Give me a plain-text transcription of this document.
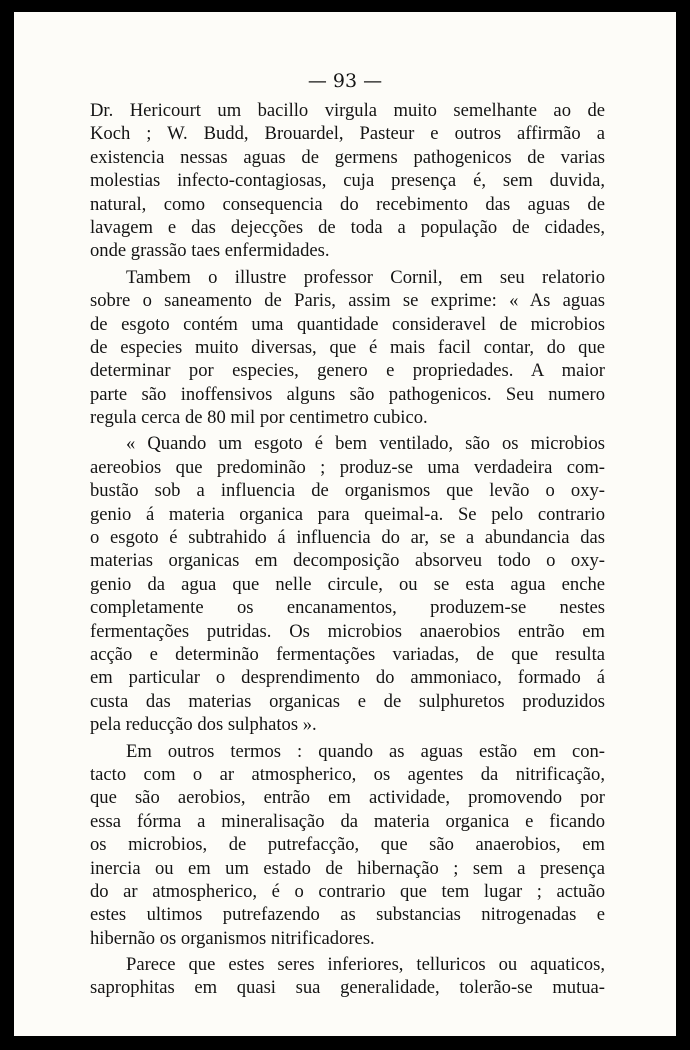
— 93 —
Dr. Hericourt um bacillo virgula muito semelhante ao de
Koch ; W. Budd, Brouardel, Pasteur e outros affirmão a
existencia nessas aguas de germens pathogenicos de varias
molestias infecto-contagiosas, cuja presença é, sem duvida,
natural, como consequencia do recebimento das aguas de
lavagem e das dejecções de toda a população de cidades,
onde grassão taes enfermidades.
Tambem o illustre professor Cornil, em seu relatorio
sobre o saneamento de Paris, assim se exprime: « As aguas
de esgoto contém uma quantidade consideravel de microbios
de especies muito diversas, que é mais facil contar, do que
determinar por especies, genero e propriedades. A maior
parte são inoffensivos alguns são pathogenicos. Seu numero
regula cerca de 80 mil por centimetro cubico.
« Quando um esgoto é bem ventilado, são os microbios
aereobios que predominão ; produz-se uma verdadeira com-
bustão sob a influencia de organismos que levão o oxy-
genio á materia organica para queimal-a. Se pelo contrario
o esgoto é subtrahido á influencia do ar, se a abundancia das
materias organicas em decomposição absorveu todo o oxy-
genio da agua que nelle circule, ou se esta agua enche
completamente os encanamentos, produzem-se nestes
fermentações putridas. Os microbios anaerobios entrão em
acção e determinão fermentações variadas, de que resulta
em particular o desprendimento do ammoniaco, formado á
custa das materias organicas e de sulphuretos produzidos
pela reducção dos sulphatos ».
Em outros termos : quando as aguas estão em con-
tacto com o ar atmospherico, os agentes da nitrificação,
que são aerobios, entrão em actividade, promovendo por
essa fórma a mineralisação da materia organica e ficando
os microbios, de putrefacção, que são anaerobios, em
inercia ou em um estado de hibernação ; sem a presença
do ar atmospherico, é o contrario que tem lugar ; actuão
estes ultimos putrefazendo as substancias nitrogenadas e
hibernão os organismos nitrificadores.
Parece que estes seres inferiores, telluricos ou aquaticos,
saprophitas em quasi sua generalidade, tolerão-se mutua-
